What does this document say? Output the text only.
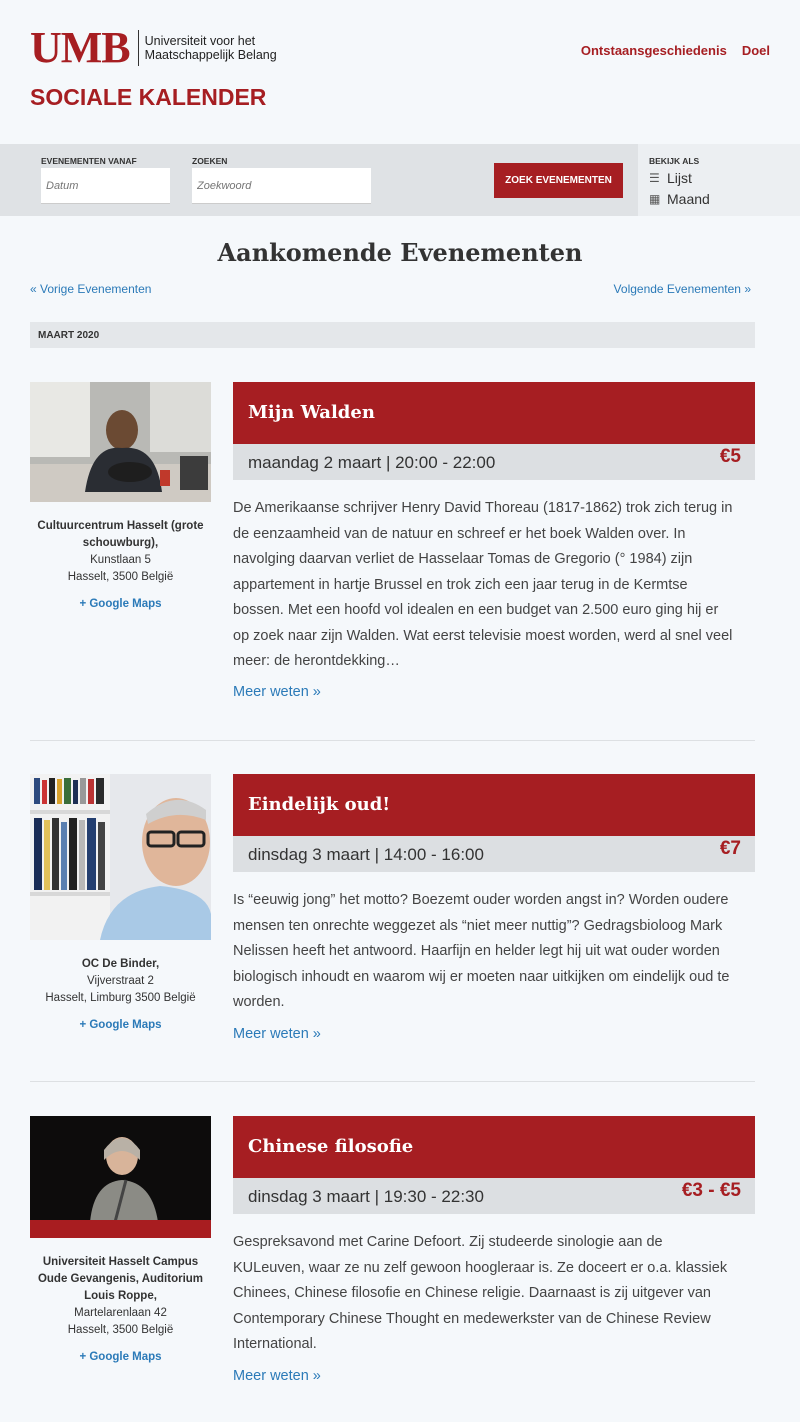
UMB Universiteit voor het Maatschappelijk Belang
SOCIALE KALENDER
Ontstaansgeschiedenis Doel
EVENEMENTEN VANAF
Datum	ZOEKEN
Zoekwoord
ZOEK EVENEMENTEN
BEKIJK ALS
☰ Lijst
▦ Maand
Aankomende Evenementen
« Vorige Evenementen	Volgende Evenementen »
MAART 2020
Cultuurcentrum Hasselt (grote schouwburg),
Kunstlaan 5
Hasselt, 3500 België
+ Google Maps
Mijn Walden
maandag 2 maart | 20:00 - 22:00	€5

De Amerikaanse schrijver Henry David Thoreau (1817-1862) trok zich terug in de eenzaamheid van de natuur en schreef er het boek Walden over. In navolging daarvan verliet de Hasselaar Tomas de Gregorio (° 1984) zijn appartement in hartje Brussel en trok zich een jaar terug in de Kermtse bossen. Met een hoofd vol idealen en een budget van 2.500 euro ging hij er op zoek naar zijn Walden. Wat eerst televisie moest worden, werd al snel veel meer: de herontdekking…

Meer weten »
OC De Binder,
Vijverstraat 2
Hasselt, Limburg 3500 België
+ Google Maps
Eindelijk oud!
dinsdag 3 maart | 14:00 - 16:00	€7

Is “eeuwig jong” het motto? Boezemt ouder worden angst in? Worden oudere mensen ten onrechte weggezet als “niet meer nuttig”? Gedragsbioloog Mark Nelissen heeft het antwoord. Haarfijn en helder legt hij uit wat ouder worden biologisch inhoudt en waarom wij er moeten naar uitkijken om eindelijk oud te worden.

Meer weten »
Universiteit Hasselt Campus Oude Gevangenis, Auditorium Louis Roppe,
Martelarenlaan 42
Hasselt, 3500 België
+ Google Maps
Chinese filosofie
dinsdag 3 maart | 19:30 - 22:30	€3 - €5

Gespreksavond met Carine Defoort. Zij studeerde sinologie aan de KULeuven, waar ze nu zelf gewoon hoogleraar is. Ze doceert er o.a. klassiek Chinees, Chinese filosofie en Chinese religie. Daarnaast is zij uitgever van Contemporary Chinese Thought en medewerkster van de Chinese Review International.

Meer weten »
